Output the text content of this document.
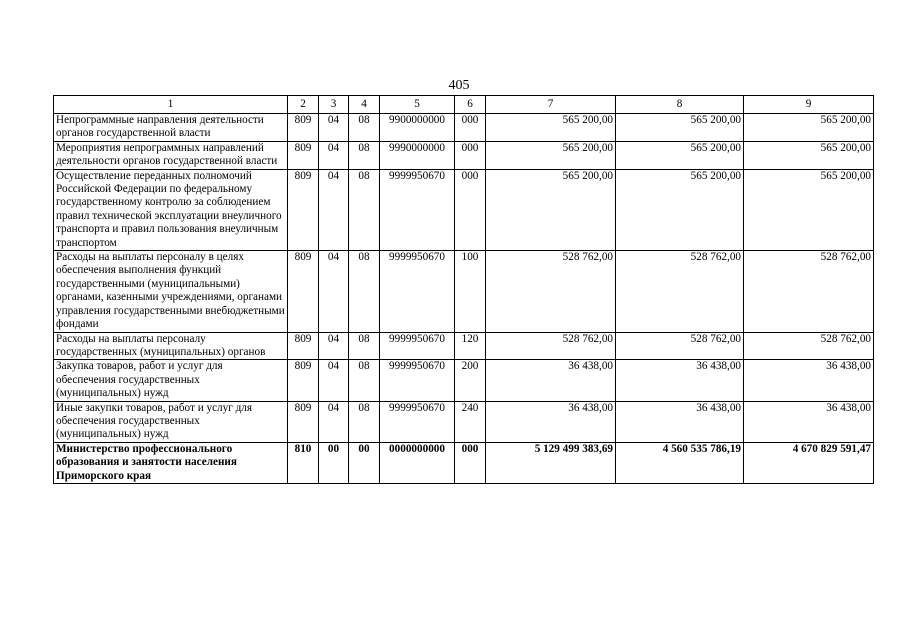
405
1	2	3	4	5	6	7	8	9
Непрограммные направления деятельности органов государственной власти	809	04	08	9900000000	000	565 200,00	565 200,00	565 200,00
Мероприятия непрограммных направлений деятельности органов государственной власти	809	04	08	9990000000	000	565 200,00	565 200,00	565 200,00
Осуществление переданных полномочий Российской Федерации по федеральному государственному контролю за соблюдением правил технической эксплуатации внеуличного транспорта и правил пользования внеуличным транспортом	809	04	08	9999950670	000	565 200,00	565 200,00	565 200,00
Расходы на выплаты персоналу в целях обеспечения выполнения функций государственными (муниципальными) органами, казенными учреждениями, органами управления государственными внебюджетными фондами	809	04	08	9999950670	100	528 762,00	528 762,00	528 762,00
Расходы на выплаты персоналу государственных (муниципальных) органов	809	04	08	9999950670	120	528 762,00	528 762,00	528 762,00
Закупка товаров, работ и услуг для обеспечения государственных (муниципальных) нужд	809	04	08	9999950670	200	36 438,00	36 438,00	36 438,00
Иные закупки товаров, работ и услуг для обеспечения государственных (муниципальных) нужд	809	04	08	9999950670	240	36 438,00	36 438,00	36 438,00
Министерство профессионального образования и занятости населения Приморского края	810	00	00	0000000000	000	5 129 499 383,69	4 560 535 786,19	4 670 829 591,47
